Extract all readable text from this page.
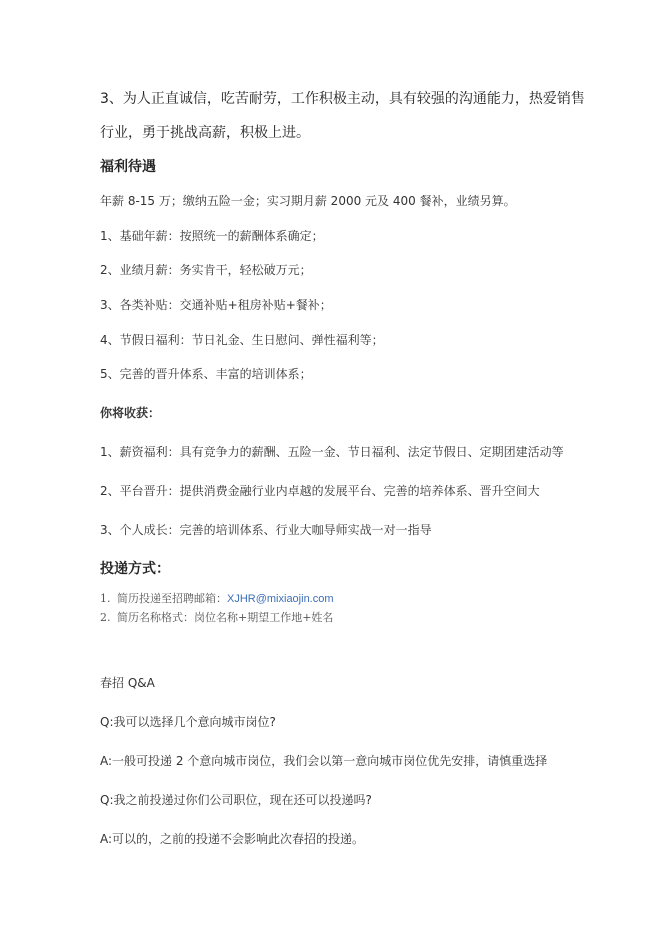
3、为人正直诚信，吃苦耐劳，工作积极主动，具有较强的沟通能力，热爱销售
行业，勇于挑战高薪，积极上进。
福利待遇
年薪 8-15 万；缴纳五险一金；实习期月薪 2000 元及 400 餐补，业绩另算。
1、基础年薪：按照统一的薪酬体系确定；
2、业绩月薪：务实肯干，轻松破万元；
3、各类补贴：交通补贴+租房补贴+餐补；
4、节假日福利：节日礼金、生日慰问、弹性福利等；
5、完善的晋升体系、丰富的培训体系；
你将收获：
1、薪资福利：具有竞争力的薪酬、五险一金、节日福利、法定节假日、定期团建活动等
2、平台晋升：提供消费金融行业内卓越的发展平台、完善的培养体系、晋升空间大
3、个人成长：完善的培训体系、行业大咖导师实战一对一指导
投递方式：
1. 简历投递至招聘邮箱：XJHR@mixiaojin.com
2. 简历名称格式：岗位名称+期望工作地+姓名
春招 Q&A
Q:我可以选择几个意向城市岗位?
A:一般可投递 2 个意向城市岗位，我们会以第一意向城市岗位优先安排，请慎重选择
Q:我之前投递过你们公司职位，现在还可以投递吗?
A:可以的，之前的投递不会影响此次春招的投递。
